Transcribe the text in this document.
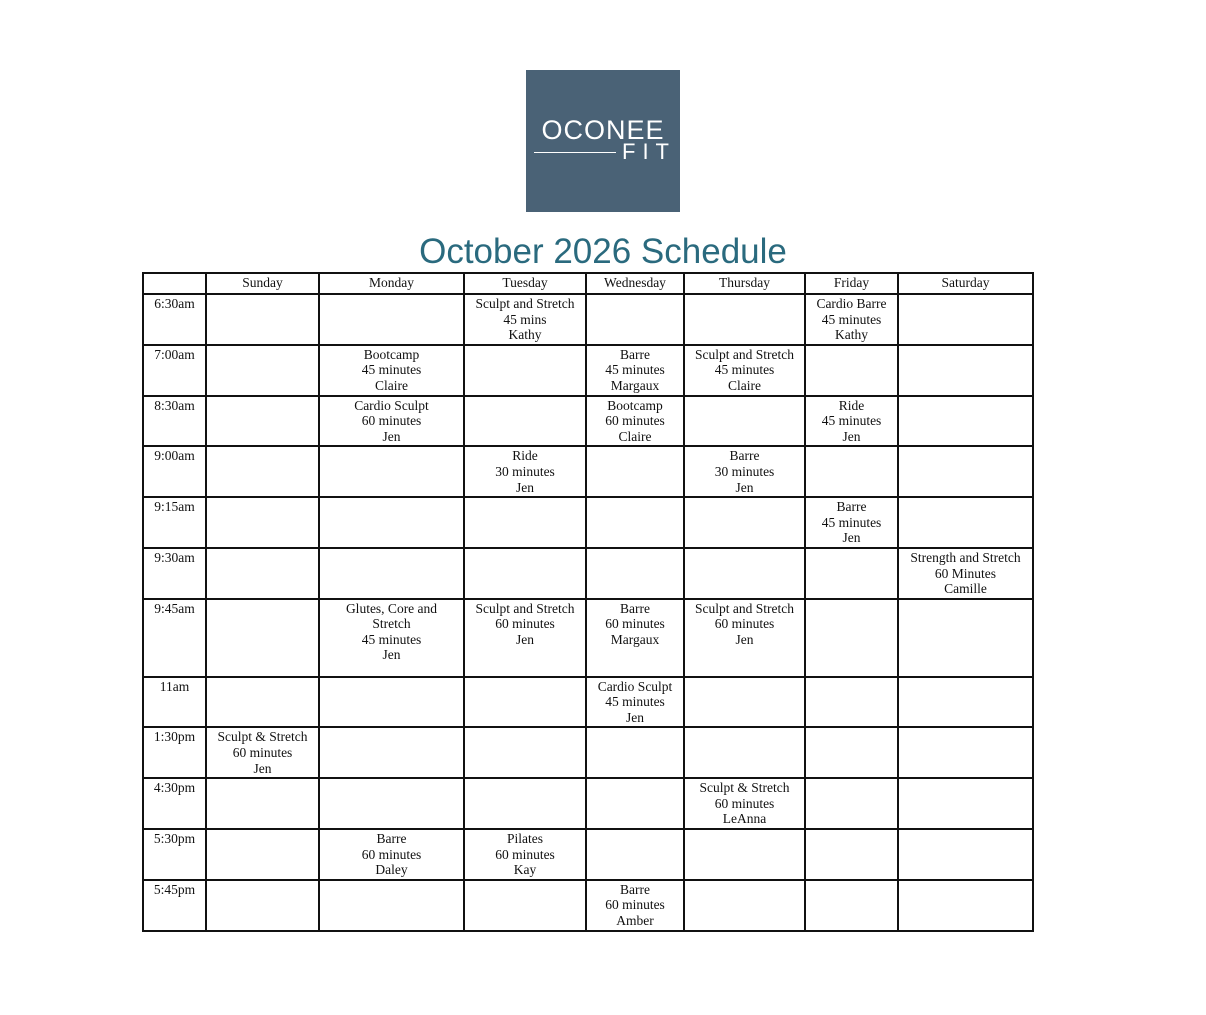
OCONEE
FIT
October 2026 Schedule
	Sunday	Monday	Tuesday	Wednesday	Thursday	Friday	Saturday
6:30am			Sculpt and Stretch
45 mins
Kathy			Cardio Barre
45 minutes
Kathy	

7:00am		Bootcamp
45 minutes
Claire		Barre
45 minutes
Margaux	Sculpt and Stretch
45 minutes
Claire		

8:30am		Cardio Sculpt
60 minutes
Jen		Bootcamp
60 minutes
Claire		Ride
45 minutes
Jen	

9:00am			Ride
30 minutes
Jen		Barre
30 minutes
Jen		

9:15am						Barre
45 minutes
Jen	

9:30am							Strength and Stretch
60 Minutes
Camille

9:45am		Glutes, Core and
Stretch
45 minutes
Jen	Sculpt and Stretch
60 minutes
Jen	Barre
60 minutes
Margaux	Sculpt and Stretch
60 minutes
Jen		

11am				Cardio Sculpt
45 minutes
Jen			

1:30pm	Sculpt & Stretch
60 minutes
Jen						

4:30pm					Sculpt & Stretch
60 minutes
LeAnna		

5:30pm		Barre
60 minutes
Daley	Pilates
60 minutes
Kay				

5:45pm				Barre
60 minutes
Amber			
